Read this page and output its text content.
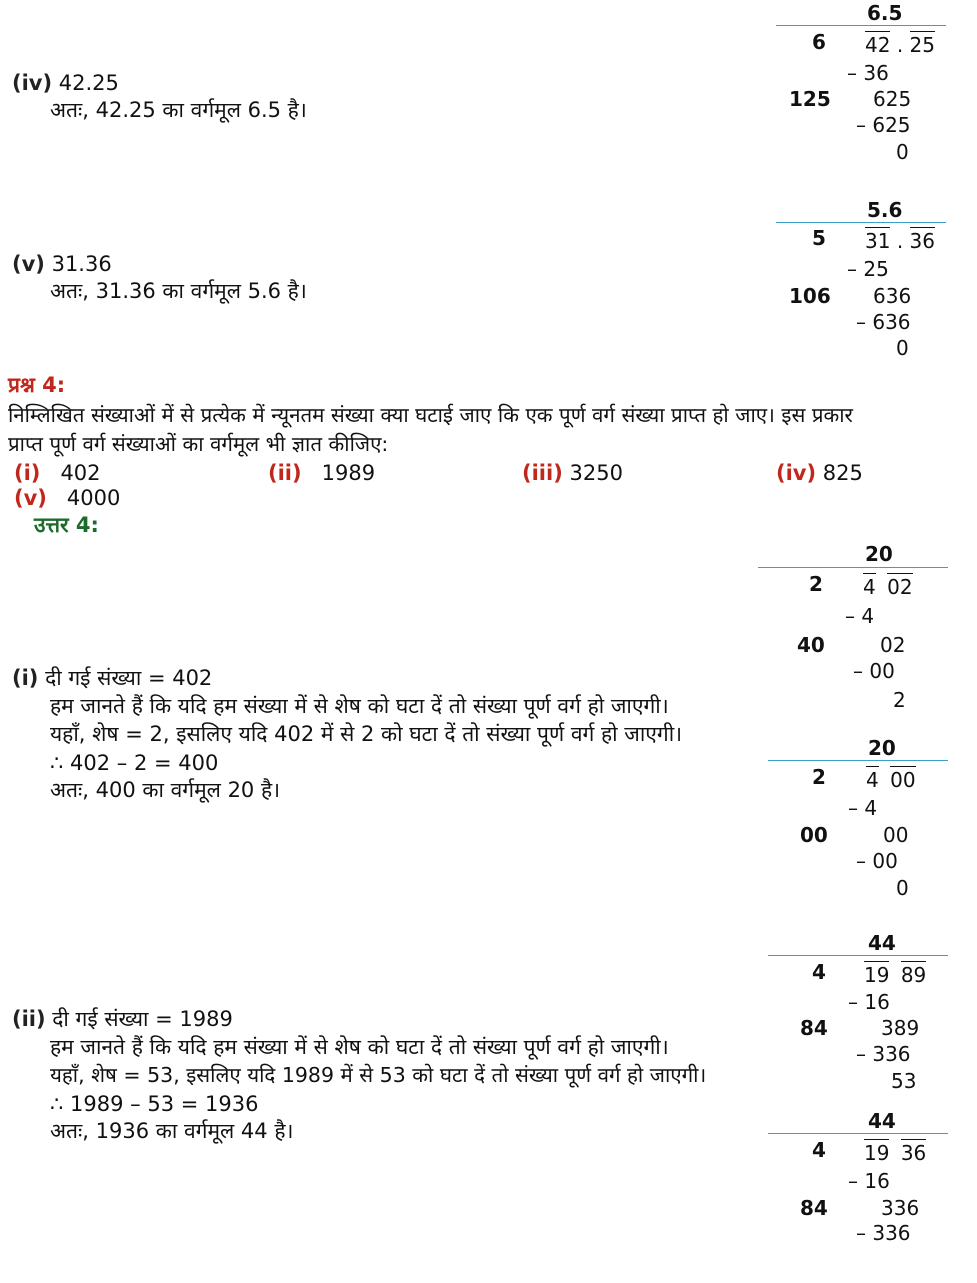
(iv) 42.25
अतः, 42.25 का वर्गमूल 6.5 है।
6.5
6 42 . 25
– 36
125 625
– 625
0
(v) 31.36
अतः, 31.36 का वर्गमूल 5.6 है।
5.6
5 31 . 36
– 25
106 636
– 636
0
प्रश्न 4:
निम्लिखित संख्याओं में से प्रत्येक में न्यूनतम संख्या क्या घटाई जाए कि एक पूर्ण वर्ग संख्या प्राप्त हो जाए। इस प्रकार
प्राप्त पूर्ण वर्ग संख्याओं का वर्गमूल भी ज्ञात कीजिए:
(i) 402	(ii) 1989	(iii) 3250	(iv) 825
(v) 4000
उत्तर 4:
(i) दी गई संख्या = 402
हम जानते हैं कि यदि हम संख्या में से शेष को घटा दें तो संख्या पूर्ण वर्ग हो जाएगी।
यहाँ, शेष = 2, इसलिए यदि 402 में से 2 को घटा दें तो संख्या पूर्ण वर्ग हो जाएगी।
∴ 402 – 2 = 400
अतः, 400 का वर्गमूल 20 है।
20
2 4 02
– 4
40	02
– 00
2
20
2 4 00
– 4
00	00
– 00
0
(ii) दी गई संख्या = 1989
हम जानते हैं कि यदि हम संख्या में से शेष को घटा दें तो संख्या पूर्ण वर्ग हो जाएगी।
यहाँ, शेष = 53, इसलिए यदि 1989 में से 53 को घटा दें तो संख्या पूर्ण वर्ग हो जाएगी।
∴ 1989 – 53 = 1936
अतः, 1936 का वर्गमूल 44 है।
44
4 19 89
– 16
84	389
– 336
53
44
4 19 36
– 16
84	336
– 336
